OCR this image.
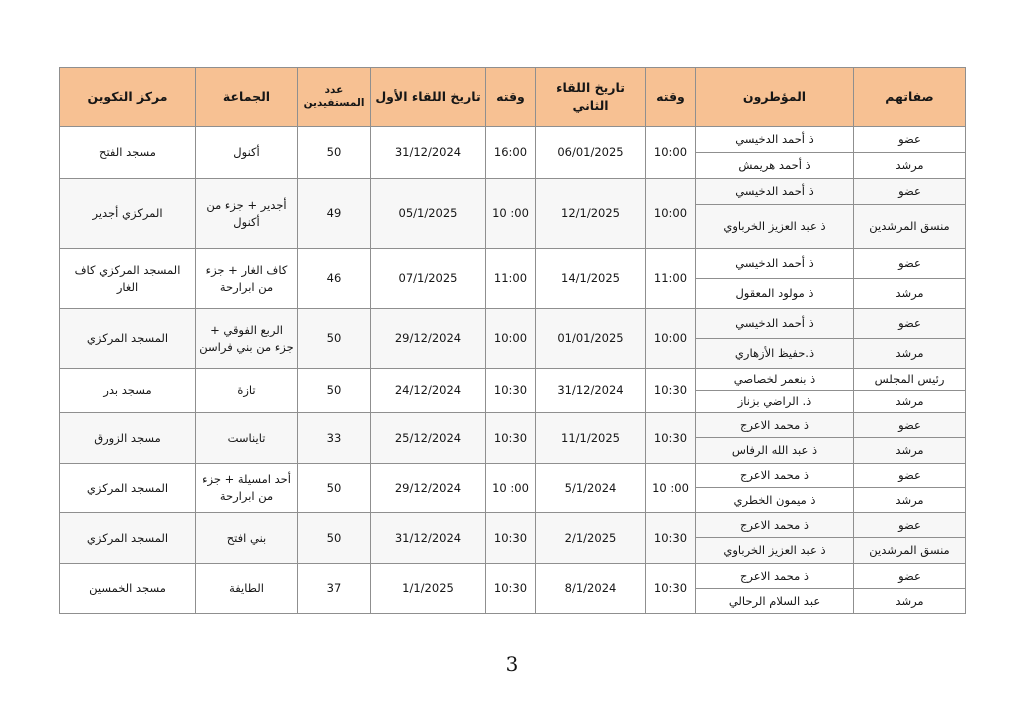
صفاتهم	المؤطرون	وقته	تاريخ اللقاء الثاني	وقته	تاريخ اللقاء الأول	عدد المستفيدين	الجماعة	مركز التكوين
عضو	ذ أحمد الدخيسي	10:00	06/01/2025	16:00	31/12/2024	50	أكنول	مسجد الفتح
مرشد	ذ أحمد هريمش							
عضو	ذ أحمد الدخيسي	10:00	12/1/2025	10 :00	05/1/2025	49	أجدير + جزء من أكنول	المركزي أجدير
منسق المرشدين	ذ عبد العزيز الخرباوي							
عضو	ذ أحمد الدخيسي	11:00	14/1/2025	11:00	07/1/2025	46	كاف الغار + جزء من ابرارحة	المسجد المركزي كاف الغار
مرشد	ذ مولود المعقول							
عضو	ذ أحمد الدخيسي	10:00	01/01/2025	10:00	29/12/2024	50	الربع الفوقي + جزء من بني فراسن	المسجد المركزي
مرشد	ذ.حفيظ الأزهاري							
رئيس المجلس	ذ بنعمر لخصاصي	10:30	31/12/2024	10:30	24/12/2024	50	تازة	مسجد بدر
مرشد	ذ. الراضي بزناز							
عضو	ذ محمد الاعرج	10:30	11/1/2025	10:30	25/12/2024	33	تايناست	مسجد الزورق
مرشد	ذ عبد الله الرفاس							
عضو	ذ محمد الاعرج	10 :00	5/1/2024	10 :00	29/12/2024	50	أحد امسيلة + جزء من ابرارحة	المسجد المركزي
مرشد	ذ ميمون الخطري							
عضو	ذ محمد الاعرج	10:30	2/1/2025	10:30	31/12/2024	50	بني افتح	المسجد المركزي
منسق المرشدين	ذ عبد العزيز الخرباوي							
عضو	ذ محمد الاعرج	10:30	8/1/2024	10:30	1/1/2025	37	الطايفة	مسجد الخمسين
مرشد	عبد السلام الرحالي							
3
